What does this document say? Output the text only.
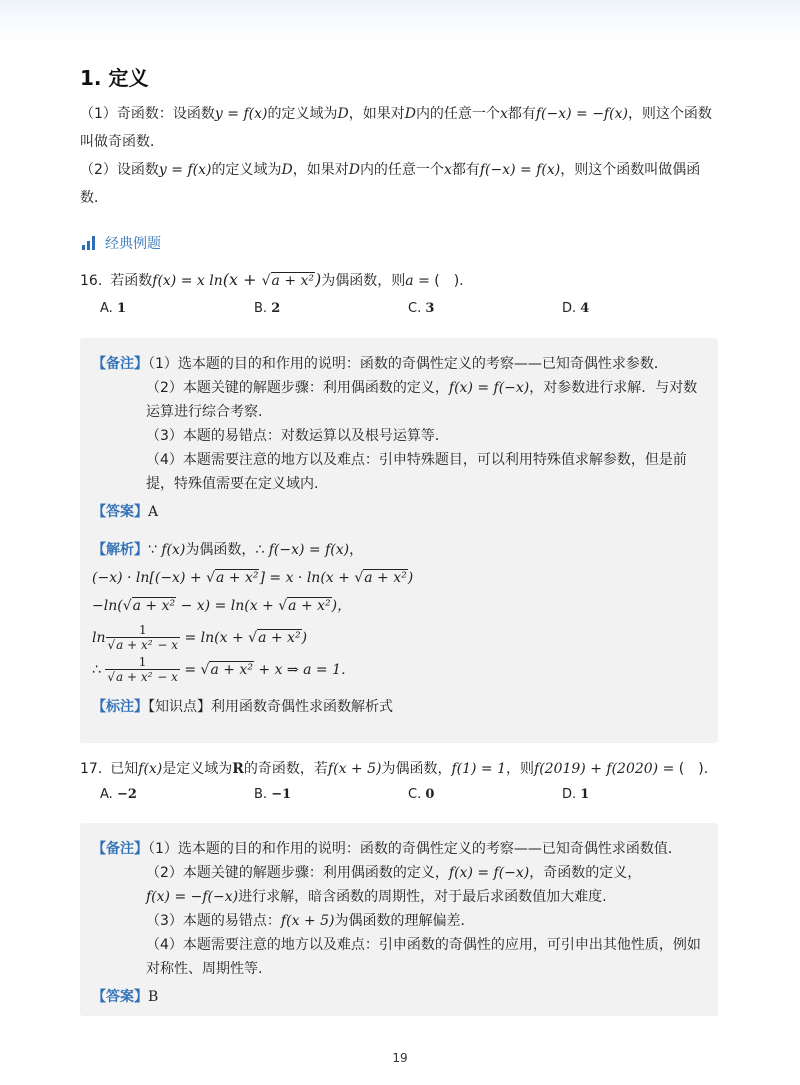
1. 定义
（1）奇函数：设函数y = f(x)的定义域为D，如果对D内的任意一个x都有f(−x) = −f(x)，则这个函数叫做奇函数．
（2）设函数y = f(x)的定义域为D，如果对D内的任意一个x都有f(−x) = f(x)，则这个函数叫做偶函数．
经典例题
16. 若函数f(x) = x ln(x + √a + x²)为偶函数，则a = (　).
A. 1	B. 2	C. 3	D. 4
【备注】（1）选本题的目的和作用的说明：函数的奇偶性定义的考察——已知奇偶性求参数．
（2）本题关键的解题步骤：利用偶函数的定义，f(x) = f(−x)，对参数进行求解．与对数
运算进行综合考察.
（3）本题的易错点：对数运算以及根号运算等．
（4）本题需要注意的地方以及难点：引申特殊题目，可以利用特殊值求解参数，但是前
提，特殊值需要在定义域内.
【答案】A
【解析】∵ f(x)为偶函数，∴ f(−x) = f(x)，
(−x) · ln[(−x) + √a + x²] = x · ln(x + √a + x²)
−ln(√a + x² − x) = ln(x + √a + x²)，
$\ln \frac{1}{\text{√a + x² − x}} = \ln(x + √a + x^2)$
∴ $\frac{1}{\text{√a + x² − x}} = √a + x^2 + x$ ⇒ a = 1．
【标注】【知识点】利用函数奇偶性求函数解析式
17. 已知f(x)是定义域为R的奇函数，若f(x + 5)为偶函数，f(1) = 1，则f(2019) + f(2020) = (　).
A. −2	B. −1	C. 0	D. 1
【备注】（1）选本题的目的和作用的说明：函数的奇偶性定义的考察——已知奇偶性求函数值．
（2）本题关键的解题步骤：利用偶函数的定义，f(x) = f(−x)，奇函数的定义，
f(x) = −f(−x)进行求解，暗含函数的周期性，对于最后求函数值加大难度.
（3）本题的易错点：f(x + 5)为偶函数的理解偏差．
（4）本题需要注意的地方以及难点：引申函数的奇偶性的应用，可引申出其他性质，例如
对称性、周期性等.
【答案】B
19
